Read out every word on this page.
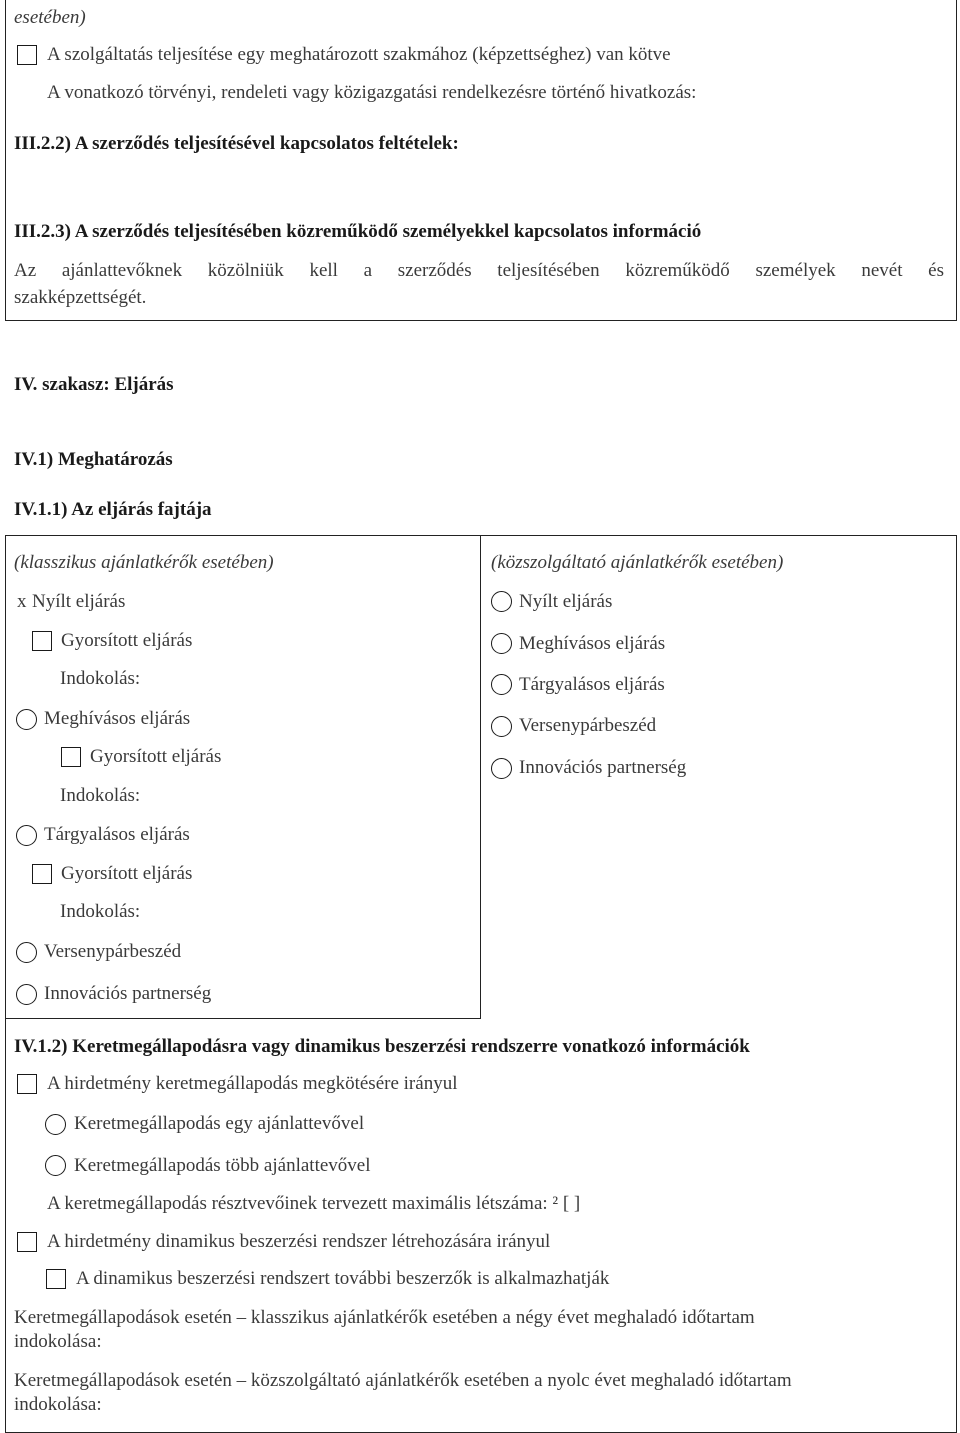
esetében)
A szolgáltatás teljesítése egy meghatározott szakmához (képzettséghez) van kötve
A vonatkozó törvényi, rendeleti vagy közigazgatási rendelkezésre történő hivatkozás:
III.2.2) A szerződés teljesítésével kapcsolatos feltételek:
III.2.3) A szerződés teljesítésében közreműködő személyekkel kapcsolatos információ
Az ajánlattevőknek közölniük kell a szerződés teljesítésében közreműködő személyek nevét és
szakképzettségét.
IV. szakasz: Eljárás
IV.1) Meghatározás
IV.1.1) Az eljárás fajtája
(klasszikus ajánlatkérők esetében)
x Nyílt eljárás
Gyorsított eljárás
Indokolás:
Meghívásos eljárás
Gyorsított eljárás
Indokolás:
Tárgyalásos eljárás
Gyorsított eljárás
Indokolás:
Versenypárbeszéd
Innovációs partnerség
(közszolgáltató ajánlatkérők esetében)
Nyílt eljárás
Meghívásos eljárás
Tárgyalásos eljárás
Versenypárbeszéd
Innovációs partnerség
IV.1.2) Keretmegállapodásra vagy dinamikus beszerzési rendszerre vonatkozó információk
A hirdetmény keretmegállapodás megkötésére irányul
Keretmegállapodás egy ajánlattevővel
Keretmegállapodás több ajánlattevővel
A keretmegállapodás résztvevőinek tervezett maximális létszáma: ² [ ]
A hirdetmény dinamikus beszerzési rendszer létrehozására irányul
A dinamikus beszerzési rendszert további beszerzők is alkalmazhatják
Keretmegállapodások esetén – klasszikus ajánlatkérők esetében a négy évet meghaladó időtartam
indokolása:
Keretmegállapodások esetén – közszolgáltató ajánlatkérők esetében a nyolc évet meghaladó időtartam
indokolása:
